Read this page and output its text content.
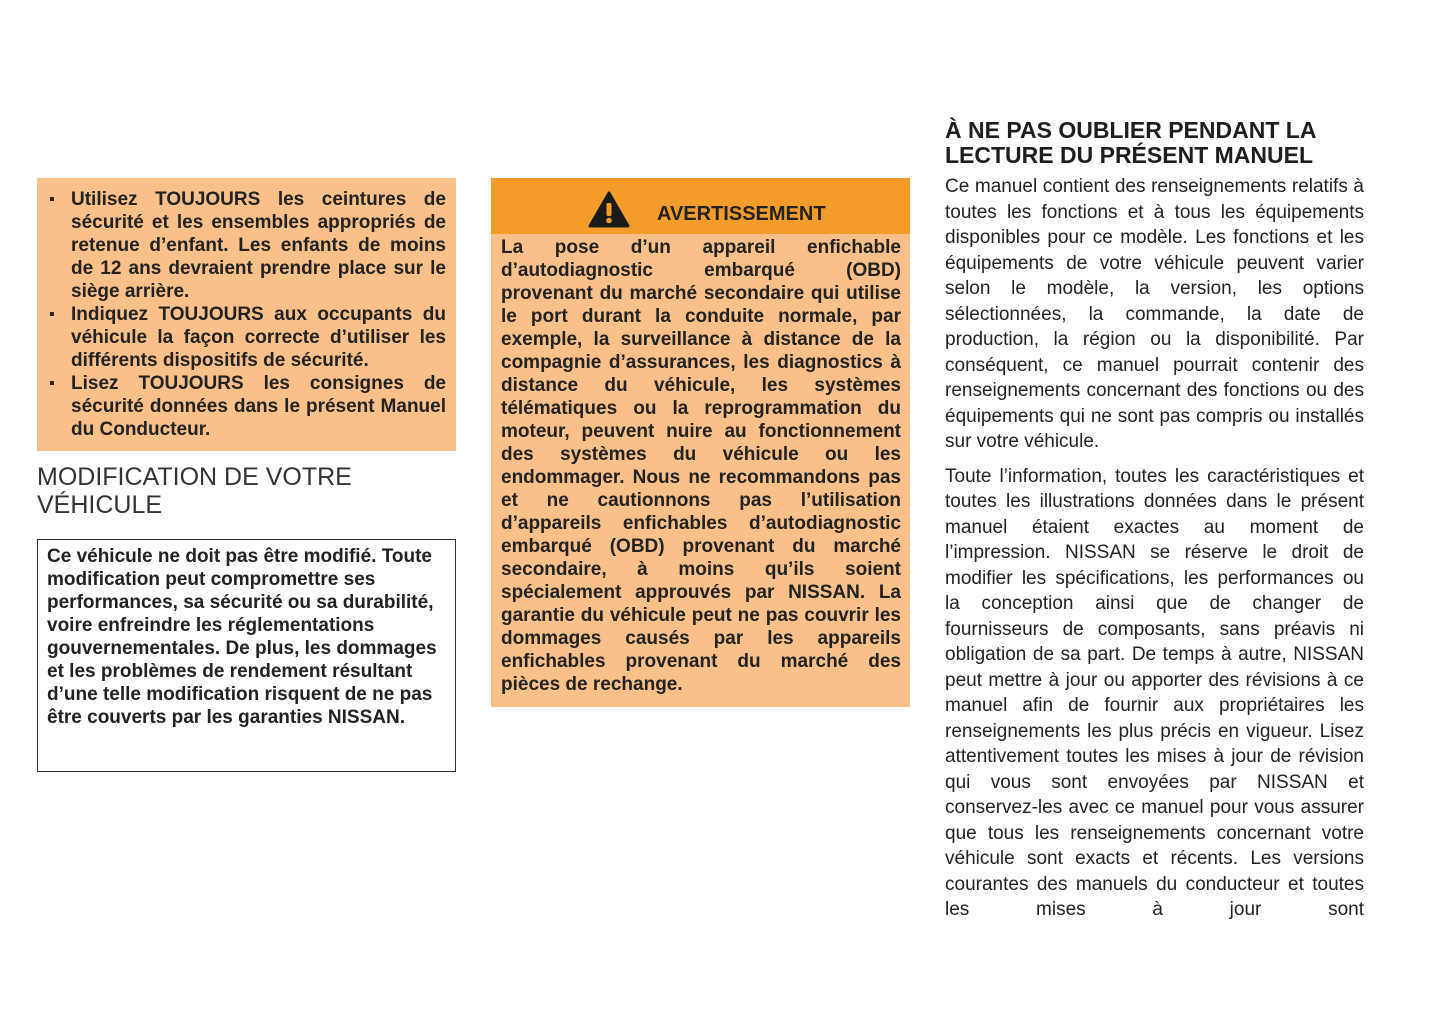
▪ Utilisez TOUJOURS les ceintures de sécurité et les ensembles appropriés de retenue d’enfant. Les enfants de moins de 12 ans devraient prendre place sur le siège arrière.
▪ Indiquez TOUJOURS aux occupants du véhicule la façon correcte d’utiliser les différents dispositifs de sécurité.
▪ Lisez TOUJOURS les consignes de sécurité données dans le présent Manuel du Conducteur.
MODIFICATION DE VOTRE
VÉHICULE

Ce véhicule ne doit pas être modifié. Toute modification peut compromettre ses performances, sa sécurité ou sa durabilité, voire enfreindre les réglementations gouvernementales. De plus, les dommages et les problèmes de rendement résultant d’une telle modification risquent de ne pas être couverts par les garanties NISSAN.

AVERTISSEMENT

La pose d’un appareil enfichable d’autodiagnostic embarqué (OBD) provenant du marché secondaire qui utilise le port durant la conduite normale, par exemple, la surveillance à distance de la compagnie d’assurances, les diagnostics à distance du véhicule, les systèmes télématiques ou la reprogrammation du moteur, peuvent nuire au fonctionnement des systèmes du véhicule ou les endommager. Nous ne recommandons pas et ne cautionnons pas l’utilisation d’appareils enfichables d’autodiagnostic embarqué (OBD) provenant du marché secondaire, à moins qu’ils soient spécialement approuvés par NISSAN. La garantie du véhicule peut ne pas couvrir les dommages causés par les appareils enfichables provenant du marché des pièces de rechange.

À NE PAS OUBLIER PENDANT LA
LECTURE DU PRÉSENT MANUEL

Ce manuel contient des renseignements relatifs à toutes les fonctions et à tous les équipements disponibles pour ce modèle. Les fonctions et les équipements de votre véhicule peuvent varier selon le modèle, la version, les options sélectionnées, la commande, la date de production, la région ou la disponibilité. Par conséquent, ce manuel pourrait contenir des renseignements concernant des fonctions ou des équipements qui ne sont pas compris ou installés sur votre véhicule.

Toute l’information, toutes les caractéristiques et toutes les illustrations données dans le présent manuel étaient exactes au moment de l’impression. NISSAN se réserve le droit de modifier les spécifications, les performances ou la conception ainsi que de changer de fournisseurs de composants, sans préavis ni obligation de sa part. De temps à autre, NISSAN peut mettre à jour ou apporter des révisions à ce manuel afin de fournir aux propriétaires les renseignements les plus précis en vigueur. Lisez attentivement toutes les mises à jour de révision qui vous sont envoyées par NISSAN et conservez-les avec ce manuel pour vous assurer que tous les renseignements concernant votre véhicule sont exacts et récents. Les versions courantes des manuels du conducteur et toutes les mises à jour sont
